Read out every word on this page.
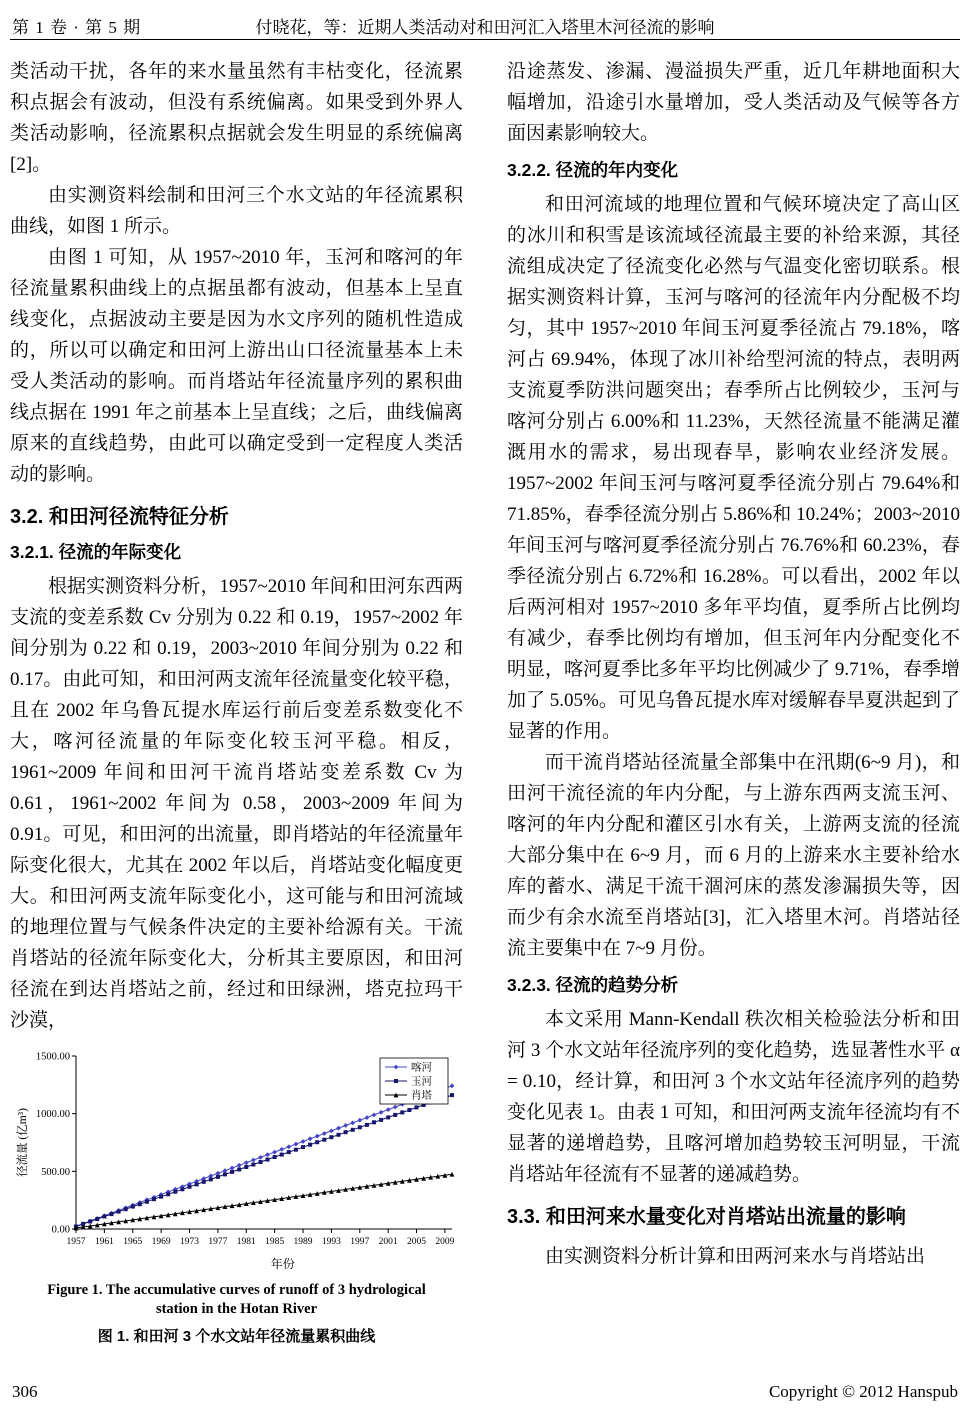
第 1 卷 · 第 5 期	付晓花，等：近期人类活动对和田河汇入塔里木河径流的影响

类活动干扰，各年的来水量虽然有丰枯变化，径流累积点据会有波动，但没有系统偏离。如果受到外界人类活动影响，径流累积点据就会发生明显的系统偏离[2]。

由实测资料绘制和田河三个水文站的年径流累积曲线，如图 1 所示。

由图 1 可知，从 1957~2010 年，玉河和喀河的年径流量累积曲线上的点据虽都有波动，但基本上呈直线变化，点据波动主要是因为水文序列的随机性造成的，所以可以确定和田河上游出山口径流量基本上未受人类活动的影响。而肖塔站年径流量序列的累积曲线点据在 1991 年之前基本上呈直线；之后，曲线偏离原来的直线趋势，由此可以确定受到一定程度人类活动的影响。

3.2. 和田河径流特征分析
3.2.1. 径流的年际变化

根据实测资料分析，1957~2010 年间和田河东西两支流的变差系数 Cv 分别为 0.22 和 0.19，1957~2002 年间分别为 0.22 和 0.19，2003~2010 年间分别为 0.22 和 0.17。由此可知，和田河两支流年径流量变化较平稳，且在 2002 年乌鲁瓦提水库运行前后变差系数变化不大，喀河径流量的年际变化较玉河平稳。相反，1961~2009 年间和田河干流肖塔站变差系数 Cv 为 0.61，1961~2002 年间为 0.58，2003~2009 年间为 0.91。可见，和田河的出流量，即肖塔站的年径流量年际变化很大，尤其在 2002 年以后，肖塔站变化幅度更大。和田河两支流年际变化小，这可能与和田河流域的地理位置与气候条件决定的主要补给源有关。干流肖塔站的径流年际变化大，分析其主要原因，和田河径流在到达肖塔站之前，经过和田绿洲，塔克拉玛干沙漠，

0.00
500.00
1000.00
1500.00
1957 1961 1965 1969 1973 1977 1981 1985 1989 1993 1997 2001 2005 2009
年份
径流量 (亿m³)
喀河
玉河
肖塔
Figure 1. The accumulative curves of runoff of 3 hydrological station in the Hotan River
图 1. 和田河 3 个水文站年径流量累积曲线

沿途蒸发、渗漏、漫溢损失严重，近几年耕地面积大幅增加，沿途引水量增加，受人类活动及气候等各方面因素影响较大。

3.2.2. 径流的年内变化

和田河流域的地理位置和气候环境决定了高山区的冰川和积雪是该流域径流最主要的补给来源，其径流组成决定了径流变化必然与气温变化密切联系。根据实测资料计算，玉河与喀河的径流年内分配极不均匀，其中 1957~2010 年间玉河夏季径流占 79.18%，喀河占 69.94%，体现了冰川补给型河流的特点，表明两支流夏季防洪问题突出；春季所占比例较少，玉河与喀河分别占 6.00%和 11.23%，天然径流量不能满足灌溉用水的需求，易出现春旱，影响农业经济发展。1957~2002 年间玉河与喀河夏季径流分别占 79.64%和 71.85%，春季径流分别占 5.86%和 10.24%；2003~2010 年间玉河与喀河夏季径流分别占 76.76%和 60.23%，春季径流分别占 6.72%和 16.28%。可以看出，2002 年以后两河相对 1957~2010 多年平均值，夏季所占比例均有减少，春季比例均有增加，但玉河年内分配变化不明显，喀河夏季比多年平均比例减少了 9.71%，春季增加了 5.05%。可见乌鲁瓦提水库对缓解春旱夏洪起到了显著的作用。

而干流肖塔站径流量全部集中在汛期(6~9 月)，和田河干流径流的年内分配，与上游东西两支流玉河、喀河的年内分配和灌区引水有关，上游两支流的径流大部分集中在 6~9 月，而 6 月的上游来水主要补给水库的蓄水、满足干流干涸河床的蒸发渗漏损失等，因而少有余水流至肖塔站[3]，汇入塔里木河。肖塔站径流主要集中在 7~9 月份。

3.2.3. 径流的趋势分析

本文采用 Mann-Kendall 秩次相关检验法分析和田河 3 个水文站年径流序列的变化趋势，选显著性水平 α = 0.10，经计算，和田河 3 个水文站年径流序列的趋势变化见表 1。由表 1 可知，和田河两支流年径流均有不显著的递增趋势，且喀河增加趋势较玉河明显，干流肖塔站年径流有不显著的递减趋势。

3.3. 和田河来水量变化对肖塔站出流量的影响

由实测资料分析计算和田两河来水与肖塔站出

306	Copyright © 2012 Hanspub
